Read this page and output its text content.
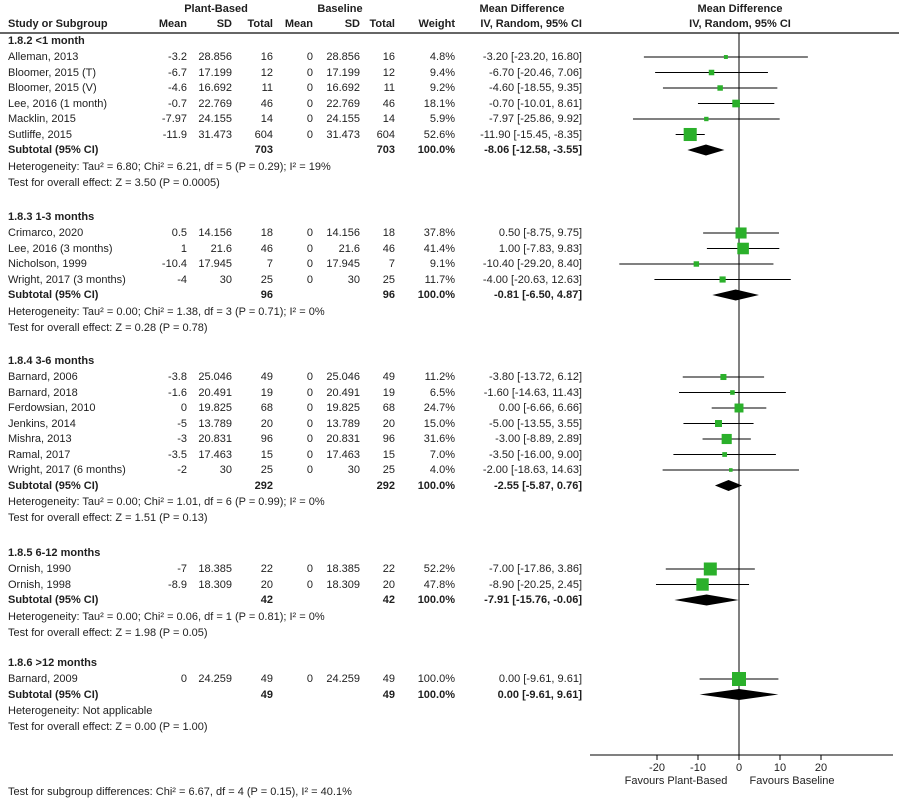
Plant-Based	Baseline	Mean Difference	Mean Difference
Study or Subgroup	Mean	SD Total Mean	SD Total Weight IV, Random, 95% CI	IV, Random, 95% CI
Test for subgroup differences: Chi² = 6.67, df = 4 (P = 0.15), I² = 40.1%
1.8.2 <1 month
Alleman, 2013	-3.2 28.856	16	0 28.856 16	4.8%	-3.20 [-23.20, 16.80]
Bloomer, 2015 (T)	-6.7 17.199	12	0 17.199 12	9.4%	-6.70 [-20.46, 7.06]
Bloomer, 2015 (V)	-4.6 16.692	11	0 16.692 11	9.2%	-4.60 [-18.55, 9.35]
Lee, 2016 (1 month)	-0.7 22.769	46	0 22.769 46	18.1%	-0.70 [-10.01, 8.61]
Macklin, 2015	-7.97 24.155	14	0 24.155 14	5.9%	-7.97 [-25.86, 9.92]
Sutliffe, 2015	-11.9 31.473 604	0 31.473 604	52.6% -11.90 [-15.45, -8.35]
Subtotal (95% CI)	703	703 100.0%	-8.06 [-12.58, -3.55]
Heterogeneity: Tau² = 6.80; Chi² = 6.21, df = 5 (P = 0.29); I² = 19%
Test for overall effect: Z = 3.50 (P = 0.0005)
1.8.3 1-3 months
Crimarco, 2020	0.5 14.156	18	0 14.156 18	37.8%	0.50 [-8.75, 9.75]
Lee, 2016 (3 months)	1 21.6	46	0 21.6 46	41.4%	1.00 [-7.83, 9.83]
Nicholson, 1999	-10.4 17.945	7	0 17.945	7	9.1%	-10.40 [-29.20, 8.40]
Wright, 2017 (3 months)	-4	30	25	0	30 25	11.7%	-4.00 [-20.63, 12.63]
Subtotal (95% CI)	96	96 100.0%	-0.81 [-6.50, 4.87]
Heterogeneity: Tau² = 0.00; Chi² = 1.38, df = 3 (P = 0.71); I² = 0%
Test for overall effect: Z = 0.28 (P = 0.78)
1.8.4 3-6 months
Barnard, 2006	-3.8 25.046	49	0 25.046 49	11.2%	-3.80 [-13.72, 6.12]
Barnard, 2018	-1.6 20.491	19	0 20.491 19	6.5%	-1.60 [-14.63, 11.43]
Ferdowsian, 2010	0 19.825	68	0 19.825 68	24.7%	0.00 [-6.66, 6.66]
Jenkins, 2014	-5 13.789	20	0 13.789 20	15.0%	-5.00 [-13.55, 3.55]
Mishra, 2013	-3 20.831	96	0 20.831 96	31.6%	-3.00 [-8.89, 2.89]
Ramal, 2017	-3.5 17.463	15	0 17.463 15	7.0%	-3.50 [-16.00, 9.00]
Wright, 2017 (6 months)	-2	30	25	0	30 25	4.0%	-2.00 [-18.63, 14.63]
Subtotal (95% CI)	292	292 100.0%	-2.55 [-5.87, 0.76]
Heterogeneity: Tau² = 0.00; Chi² = 1.01, df = 6 (P = 0.99); I² = 0%
Test for overall effect: Z = 1.51 (P = 0.13)
1.8.5 6-12 months
Ornish, 1990	-7 18.385	22	0 18.385 22	52.2%	-7.00 [-17.86, 3.86]
Ornish, 1998	-8.9 18.309	20	0 18.309 20	47.8%	-8.90 [-20.25, 2.45]
Subtotal (95% CI)	42	42 100.0%	-7.91 [-15.76, -0.06]
Heterogeneity: Tau² = 0.00; Chi² = 0.06, df = 1 (P = 0.81); I² = 0%
Test for overall effect: Z = 1.98 (P = 0.05)
1.8.6 >12 months
Barnard, 2009	0 24.259	49	0 24.259 49 100.0%	0.00 [-9.61, 9.61]
Subtotal (95% CI)	49	49 100.0%	0.00 [-9.61, 9.61]
Heterogeneity: Not applicable
Test for overall effect: Z = 0.00 (P = 1.00)
-20 -10	0	10	20
Favours Plant-Based Favours Baseline
